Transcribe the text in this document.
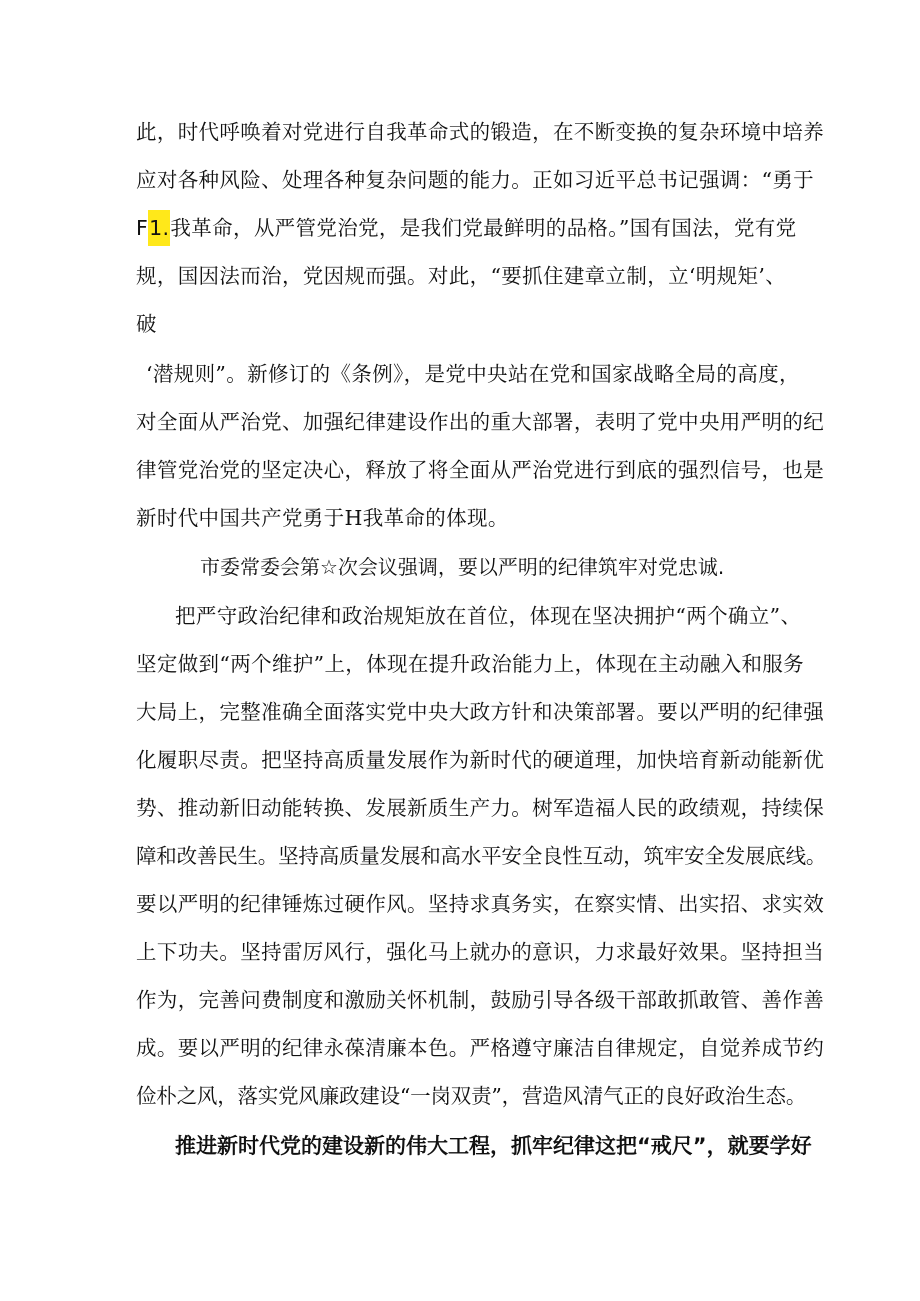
此，时代呼唤着对党进行自我革命式的锻造，在不断变换的复杂环境中培养
应对各种风险、处理各种复杂问题的能力。正如习近平总书记强调：“勇于
F1.我革命，从严管党治党，是我们党最鲜明的品格。”国有国法，党有党
规，国因法而治，党因规而强。对此，“要抓住建章立制，立‘明规矩’、
破
‘潜规则”。新修订的《条例》，是党中央站在党和国家战略全局的高度，
对全面从严治党、加强纪律建设作出的重大部署，表明了党中央用严明的纪
律管党治党的坚定决心，释放了将全面从严治党进行到底的强烈信号，也是
新时代中国共产党勇于H我革命的体现。
市委常委会第☆次会议强调，要以严明的纪律筑牢对党忠诚.
把严守政治纪律和政治规矩放在首位，体现在坚决拥护“两个确立”、
坚定做到“两个维护”上，体现在提升政治能力上，体现在主动融入和服务
大局上，完整准确全面落实党中央大政方针和决策部署。要以严明的纪律强
化履职尽责。把坚持高质量发展作为新时代的硬道理，加快培育新动能新优
势、推动新旧动能转换、发展新质生产力。树军造福人民的政绩观，持续保
障和改善民生。坚持高质量发展和高水平安全良性互动，筑牢安全发展底线。
要以严明的纪律锤炼过硬作风。坚持求真务实，在察实情、出实招、求实效
上下功夫。坚持雷厉风行，强化马上就办的意识，力求最好效果。坚持担当
作为，完善问费制度和激励关怀机制，鼓励引导各级干部敢抓敢管、善作善
成。要以严明的纪律永葆清廉本色。严格遵守廉洁自律规定，自觉养成节约
俭朴之风，落实党风廉政建设“一岗双责”，营造风清气正的良好政治生态。
推进新时代党的建设新的伟大工程，抓牢纪律这把“戒尺”，就要学好
